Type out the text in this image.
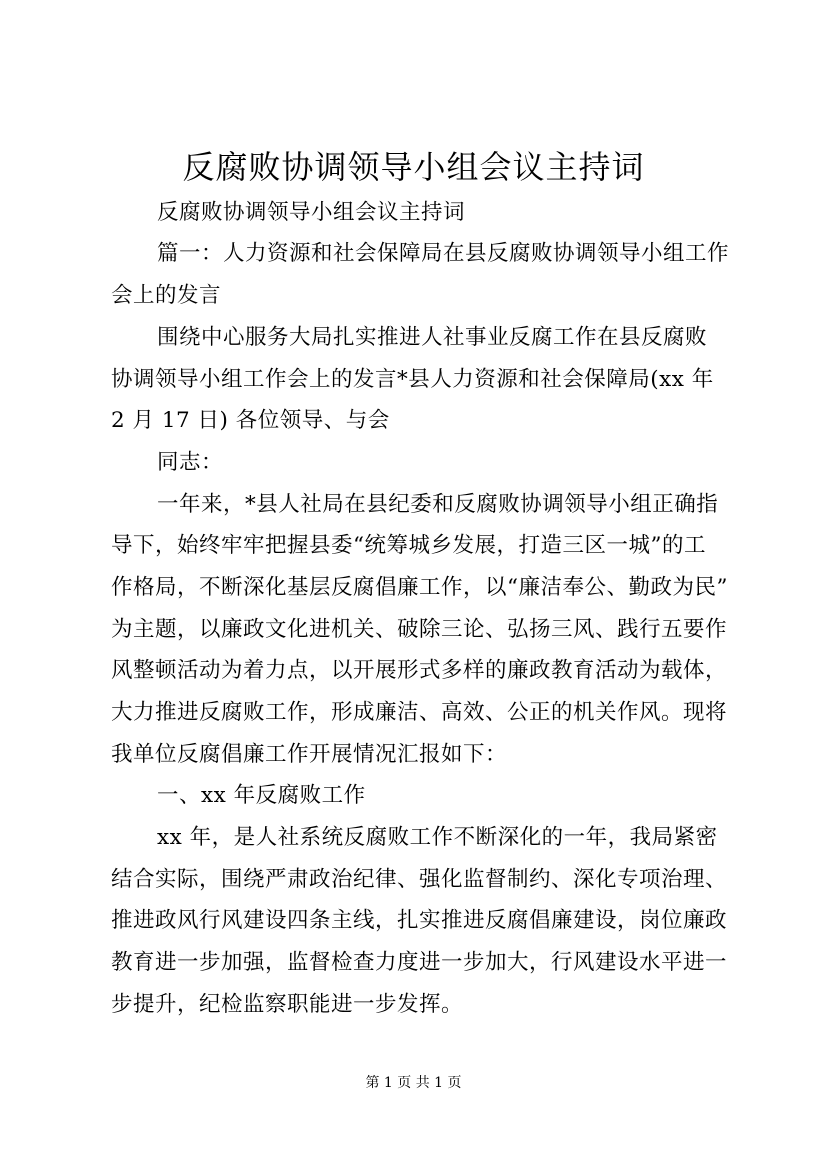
反腐败协调领导小组会议主持词
反腐败协调领导小组会议主持词
篇一：人力资源和社会保障局在县反腐败协调领导小组工作
会上的发言
围绕中心服务大局扎实推进人社事业反腐工作在县反腐败
协调领导小组工作会上的发言*县人力资源和社会保障局(xx 年
2 月 17 日) 各位领导、与会
同志：
一年来，*县人社局在县纪委和反腐败协调领导小组正确指
导下，始终牢牢把握县委“统筹城乡发展，打造三区一城”的工
作格局，不断深化基层反腐倡廉工作，以“廉洁奉公、勤政为民”
为主题，以廉政文化进机关、破除三论、弘扬三风、践行五要作
风整顿活动为着力点，以开展形式多样的廉政教育活动为载体，
大力推进反腐败工作，形成廉洁、高效、公正的机关作风。现将
我单位反腐倡廉工作开展情况汇报如下：
一、xx 年反腐败工作
xx 年，是人社系统反腐败工作不断深化的一年，我局紧密
结合实际，围绕严肃政治纪律、强化监督制约、深化专项治理、
推进政风行风建设四条主线，扎实推进反腐倡廉建设，岗位廉政
教育进一步加强，监督检查力度进一步加大，行风建设水平进一
步提升，纪检监察职能进一步发挥。
第 1 页 共 1 页
